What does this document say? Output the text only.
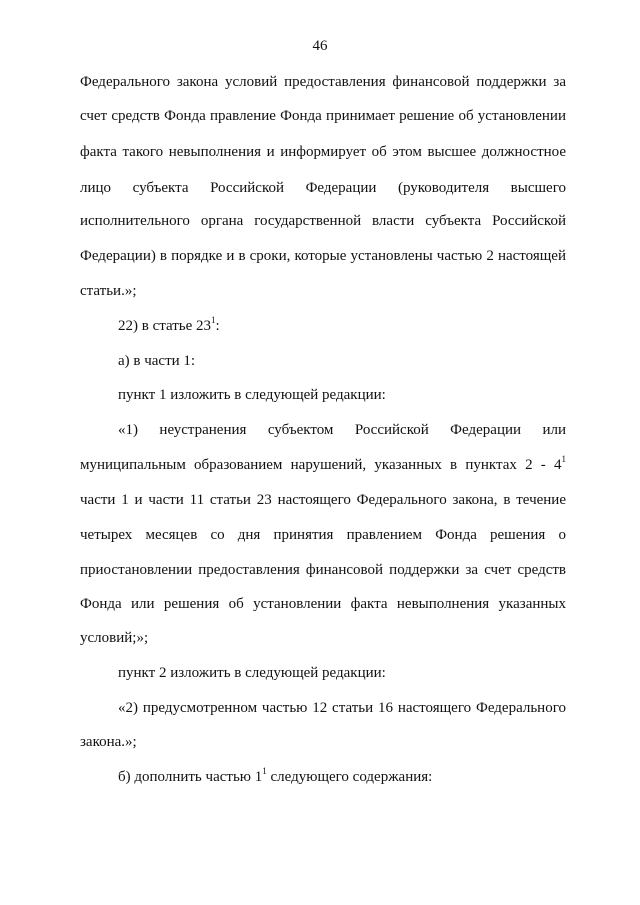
46
Федерального закона условий предоставления финансовой поддержки за
счет средств Фонда правление Фонда принимает решение об установлении
факта такого невыполнения и информирует об этом высшее должностное
лицо субъекта Российской Федерации (руководителя высшего
исполнительного органа государственной власти субъекта Российской
Федерации) в порядке и в сроки, которые установлены частью 2 настоящей
статьи.»;
22) в статье $23^1$:
а) в части 1:
пункт 1 изложить в следующей редакции:
«1) неустранения субъектом Российской Федерации или
муниципальным образованием нарушений, указанных в пунктах $2 - 4^1$
части 1 и части 11 статьи 23 настоящего Федерального закона, в течение
четырех месяцев со дня принятия правлением Фонда решения о
приостановлении предоставления финансовой поддержки за счет средств
Фонда или решения об установлении факта невыполнения указанных
условий;»;
пункт 2 изложить в следующей редакции:
«2) предусмотренном частью 12 статьи 16 настоящего Федерального
закона.»;
б) дополнить частью $1^1$ следующего содержания:
